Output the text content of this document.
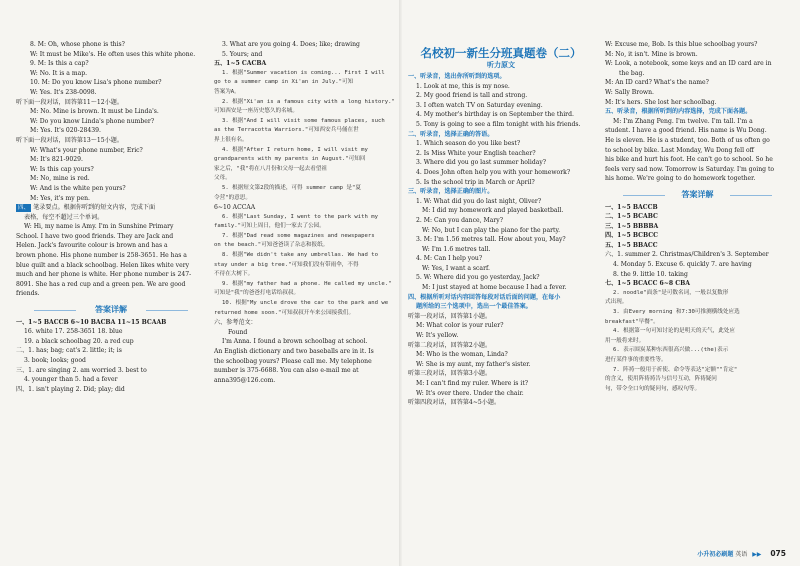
8. M: Oh, whose phone is this?
W: It must be Mike's. He often uses this white phone.
9. M: Is this a cap?
W: No. It is a map.
10. M: Do you know Lisa's phone number?
W: Yes. It's 238-0098.
听下面一段对话，回答第11～12小题。
M: No. Mine is brown. It must be Linda's.
W: Do you know Linda's phone number?
M: Yes. It's 020-28439.
听下面一段对话，回答第13～15小题。
W: What's your phone number, Eric?
M: It's 821-9029.
W: Is this cap yours?
M: No, mine is red.
W: And is the white pen yours?
M: Yes, it's my pen.
四、 笔录要点。根据你听到的短文内容，完成下面
表格，每空不超过三个单词。
W: Hi, my name is Amy. I'm in Sunshine Primary
School. I have two good friends. They are Jack and
Helen. Jack's favourite colour is brown and has a
brown phone. His phone number is 258-3651. He has a
blue quilt and a black schoolbag. Helen likes white very
much and her phone is white. Her phone number is 247-
8091. She has a red cup and a green pen. We are good
friends.
答案详解
一、1~5 BACCB 6~10 BACBA 11~15 BCAAB
16. white 17. 258-3651 18. blue
19. a black schoolbag 20. a red cup
二、1. has; bag; cat's 2. little; it; is
3. book; looks; good
三、1. are singing 2. am worried 3. best to
4. younger than 5. had a fever
四、1. isn't playing 2. Did; play; did
3. What are you going 4. Does; like; drawing
5. Yours; and
五、1~5 CACBA
1. 根据"Summer vacation is coming... First I will
go to a summer camp in Xi'an in July."可知
答案为A。
2. 根据"Xi'an is a famous city with a long history."
可知西安是一座历史悠久的名城。
3. 根据"And I will visit some famous places, such
as the Terracotta Warriors."可知西安兵马俑在世
界上很有名。
4. 根据"After I return home, I will visit my
grandparents with my parents in August."可知回
家之后，"我"将在八月份和父母一起去看望祖
父母。
5. 根据短文第2段的描述，可得 summer camp 是"夏
令营"的意思。
6~10 ACCAA
6. 根据"Last Sunday, I went to the park with my
family."可知上周日，他们一家去了公园。
7. 根据"Dad read some magazines and newspapers
on the beach."可知爸爸读了杂志和报纸。
8. 根据"We didn't take any umbrellas. We had to
stay under a big tree."可知我们没有带雨伞，不得
不待在大树下。
9. 根据"my father had a phone. He called my uncle."
可知是"我"的爸爸打电话给叔叔。
10. 根据"My uncle drove the car to the park and we
returned home soon."可知叔叔开车来公园接我们。
六、参考范文：
Found
I'm Anna. I found a brown schoolbag at school.
An English dictionary and two baseballs are in it. Is
the schoolbag yours? Please call me. My telephone
number is 375-6688. You can also e-mail me at
anna395@126.com.
名校初一新生分班真题卷（二）
听力原文
一、听录音，选出你所听到的选项。
1. Look at me, this is my nose.
2. My good friend is tall and strong.
3. I often watch TV on Saturday evening.
4. My mother's birthday is on September the third.
5. Tony is going to see a film tonight with his friends.
二、听录音，选择正确的答语。
1. Which season do you like best?
2. Is Miss White your English teacher?
3. Where did you go last summer holiday?
4. Does John often help you with your homework?
5. Is the school trip in March or April?
三、听录音，选择正确的图片。
1. W: What did you do last night, Oliver?
M: I did my homework and played basketball.
2. M: Can you dance, Mary?
W: No, but I can play the piano for the party.
3. M: I'm 1.56 metres tall. How about you, May?
W: I'm 1.6 metres tall.
4. M: Can I help you?
W: Yes, I want a scarf.
5. W: Where did you go yesterday, Jack?
M: I just stayed at home because I had a fever.
四、根据所听对话内容回答每段对话后面的问题，在每小
题所给的三个选项中，选出一个最佳答案。
听第一段对话，回答第1小题。
M: What color is your ruler?
W: It's yellow.
听第二段对话，回答第2小题。
M: Who is the woman, Linda?
W: She is my aunt, my father's sister.
听第三段对话，回答第3小题。
M: I can't find my ruler. Where is it?
W: It's over there. Under the chair.
听第四段对话，回答第4~5小题。
W: Excuse me, Bob. Is this blue schoolbag yours?
M: No, it isn't. Mine is brown.
W: Look, a notebook, some keys and an ID card are in
the bag.
M: An ID card? What's the name?
W: Sally Brown.
M: It's hers. She lost her schoolbag.
五、听录音，根据所听到的内容选择，完成下面各题。
M: I'm Zhang Peng. I'm twelve. I'm tall. I'm a
student. I have a good friend. His name is Wu Dong.
He is eleven. He is a student, too. Both of us often go
to school by bike. Last Monday, Wu Dong fell off
his bike and hurt his foot. He can't go to school. So he
feels very sad now. Tomorrow is Saturday. I'm going to
his home. We're going to do homework together.
答案详解
一、1~5 BACCB
二、1~5 BCABC
三、1~5 BBBBA
四、1~5 BCBCC
五、1~5 BBACC
六、1. summer 2. Christmas/Children's 3. September
4. Monday 5. Excuse 6. quickly 7. are having
8. the 9. little 10. taking
七、1~5 BCACC 6~8 CBA
2. noodle"面条"是可数名词，一般以复数形
式出现。
3. 由Every morning 和7:30可推测横线处应选
breakfast"早餐"。
4. 根据第一句可知讨论的是明天的天气，此处应
用一般将来时。
6. 表示围炭某种东西很高兴做...(the)表示
进行某件事的重要性等。
7. 阵祷一般用于祈使、命令等表达"定额""肯定"
的含义，使用阵祷祷告与信号互动，阵祷疑问
句，带令全口句的疑问句，感叹句等。
小升初必刷题 英语 ▶▶ 075
